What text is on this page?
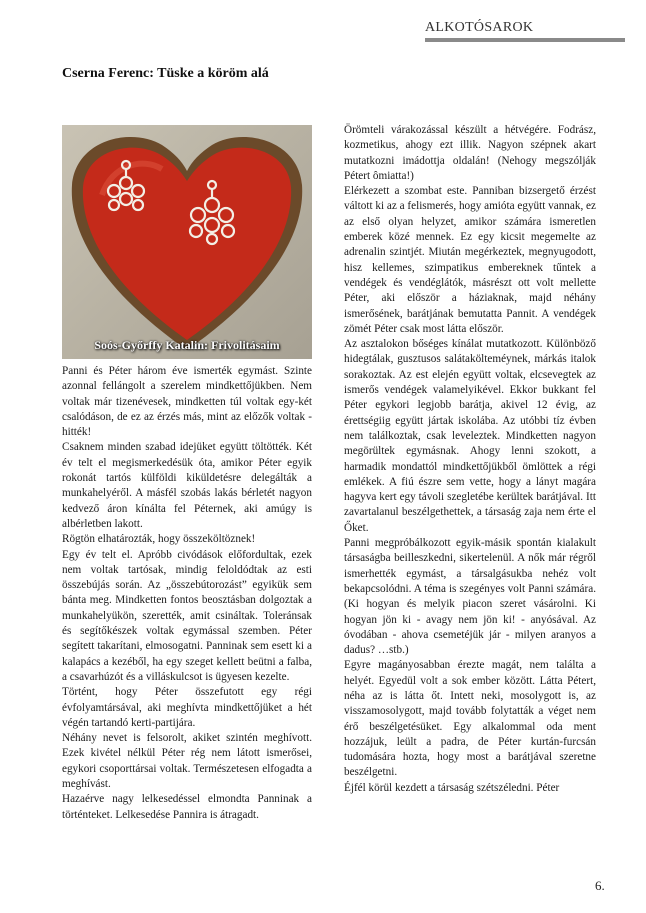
ALKOTÓSAROK
Cserna Ferenc: Tüske a köröm alá
Soós-Győrffy Katalin: Frivolitásaim

Panni és Péter három éve ismerték egymást. Szinte azonnal fellángolt a szerelem mindkettőjükben. Nem voltak már tizenévesek, mindketten túl voltak egy-két csalódáson, de ez az érzés más, mint az előzők voltak - hitték!

Csaknem minden szabad idejüket együtt töltötték. Két év telt el megismerkedésük óta, amikor Péter egyik rokonát tartós külföldi kiküldetésre delegálták a munkahelyéről. A másfél szobás lakás bérletét nagyon kedvező áron kínálta fel Péternek, aki amúgy is albérletben lakott.

Rögtön elhatározták, hogy összeköltöznek!

Egy év telt el. Apróbb civódások előfordultak, ezek nem voltak tartósak, mindig feloldódtak az esti összebújás során. Az „összebútorozást” egyikük sem bánta meg. Mindketten fontos beosztásban dolgoztak a munkahelyükön, szerették, amit csináltak. Toleránsak és segítőkészek voltak egymással szemben. Péter segített takarítani, elmosogatni. Panninak sem esett ki a kalapács a kezéből, ha egy szeget kellett beütni a falba, a csavarhúzót és a villáskulcsot is ügyesen kezelte.

Történt, hogy Péter összefutott egy régi évfolyamtársával, aki meghívta mindkettőjüket a hét végén tartandó kerti-partijára.

Néhány nevet is felsorolt, akiket szintén meghívott. Ezek kivétel nélkül Péter rég nem látott ismerősei, egykori csoporttársai voltak. Természetesen elfogadta a meghívást.

Hazaérve nagy lelkesedéssel elmondta Panninak a történteket. Lelkesedése Pannira is átragadt.

Örömteli várakozással készült a hétvégére. Fodrász, kozmetikus, ahogy ezt illik. Nagyon szépnek akart mutatkozni imádottja oldalán! (Nehogy megszólják Pétert ômiatta!)

Elérkezett a szombat este. Panniban bizsergető érzést váltott ki az a felismerés, hogy amióta együtt vannak, ez az első olyan helyzet, amikor számára ismeretlen emberek közé mennek. Ez egy kicsit megemelte az adrenalin szintjét. Miután megérkeztek, megnyugodott, hisz kellemes, szimpatikus embereknek tűntek a vendégek és vendéglátók, másrészt ott volt mellette Péter, aki először a háziaknak, majd néhány ismerősének, barátjának bemutatta Pannit. A vendégek zömét Péter csak most látta először.

Az asztalokon bőséges kínálat mutatkozott. Különböző hidegtálak, gusztusos salátakölteméynek, márkás italok sorakoztak. Az est elején együtt voltak, elcsevegtek az ismerős vendégek valamelyikével. Ekkor bukkant fel Péter egykori legjobb barátja, akivel 12 évig, az érettségiig együtt jártak iskolába. Az utóbbi tíz évben nem találkoztak, csak leveleztek. Mindketten nagyon megörültek egymásnak. Ahogy lenni szokott, a harmadik mondattól mindkettőjükből ömlöttek a régi emlékek. A fiú észre sem vette, hogy a lányt magára hagyva kert egy távoli szegletébe kerültek barátjával. Itt zavartalanul beszélgethettek, a társaság zaja nem érte el Őket.

Panni megpróbálkozott egyik-másik spontán kialakult társaságba beilleszkedni, sikertelenül. A nők már régről ismerhették egymást, a társalgásukba nehéz volt bekapcsolódni. A téma is szegényes volt Panni számára. (Ki hogyan és melyik piacon szeret vásárolni. Ki hogyan jön ki - avagy nem jön ki! - anyósával. Az óvodában - ahova csemetéjük jár - milyen aranyos a dadus? …stb.)

Egyre magányosabban érezte magát, nem találta a helyét. Egyedül volt a sok ember között. Látta Pétert, néha az is látta őt. Intett neki, mosolygott is, az visszamosolygott, majd tovább folytatták a véget nem érő beszélgetésüket. Egy alkalommal oda ment hozzájuk, leült a padra, de Péter kurtán-furcsán tudomására hozta, hogy most a barátjával szeretne beszélgetni.

Éjfél körül kezdett a társaság szétszéledni. Péter

6.
